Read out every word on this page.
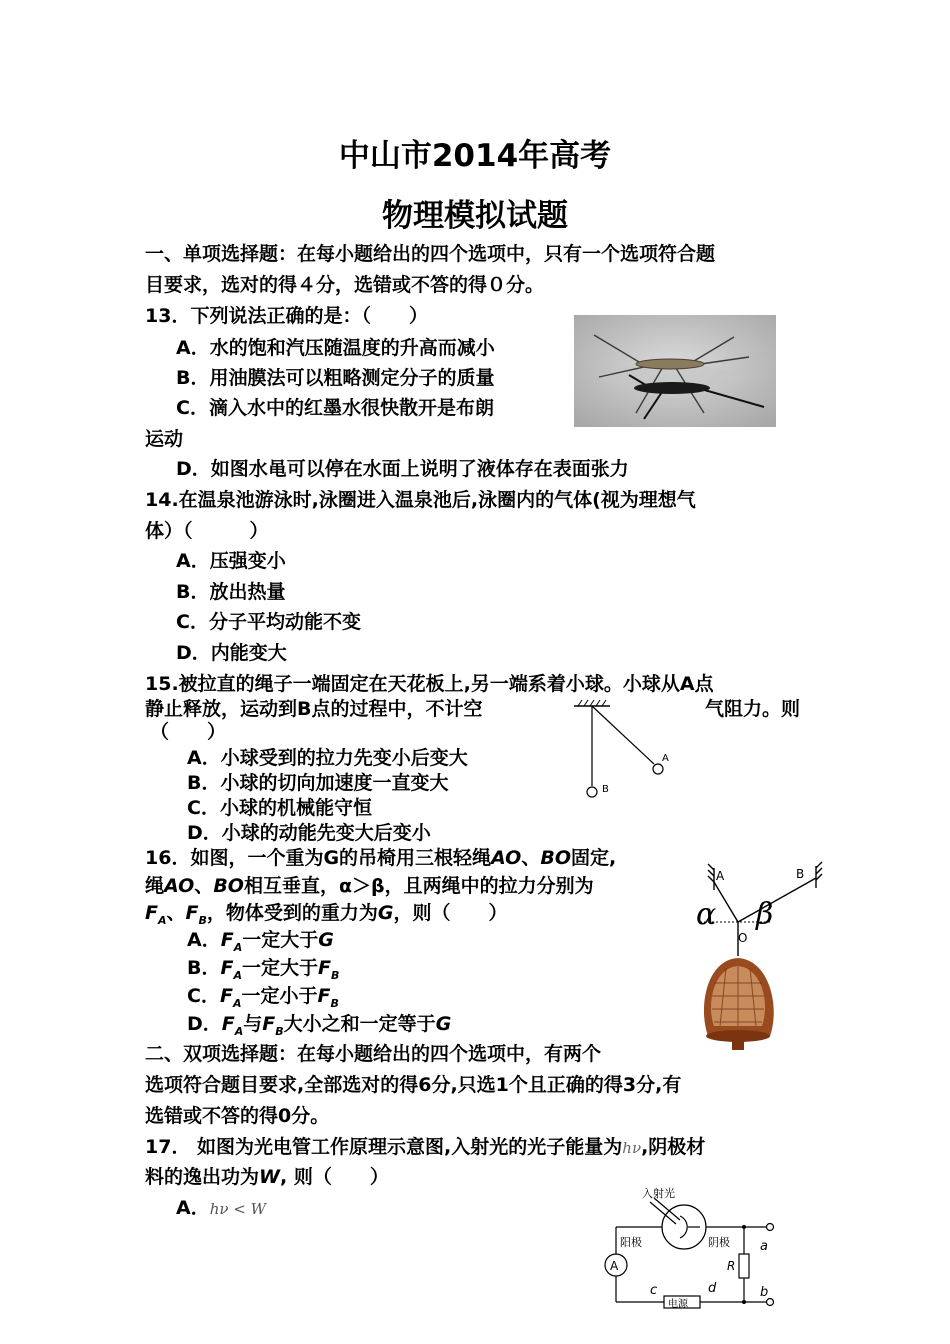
中山市2014年高考
物理模拟试题
一、单项选择题：在每小题给出的四个选项中，只有一个选项符合题
目要求，选对的得４分，选错或不答的得０分。
13．下列说法正确的是：（　　）
A．水的饱和汽压随温度的升高而减小
B．用油膜法可以粗略测定分子的质量
C．滴入水中的红墨水很快散开是布朗
运动
D．如图水黾可以停在水面上说明了液体存在表面张力
14.在温泉池游泳时,泳圈进入温泉池后,泳圈内的气体(视为理想气
体）（　　　）
A．压强变小
B．放出热量
C．分子平均动能不变
D．内能变大
15.被拉直的绳子一端固定在天花板上,另一端系着小球。小球从A点
静止释放，运动到B点的过程中，不计空	气阻力。则
（　　）
A．小球受到的拉力先变小后变大
B．小球的切向加速度一直变大
C．小球的机械能守恒
D．小球的动能先变大后变小
A
B
16．如图，一个重为G的吊椅用三根轻绳AO、BO固定,
绳AO、BO相互垂直，α＞β，且两绳中的拉力分别为
$F_A$、$F_B$，物体受到的重力为G，则（　　）
A．$F_A$一定大于G
B．$F_A$一定大于$F_B$
C．$F_A$一定小于$F_B$
D．$F_A$与$F_B$大小之和一定等于G
A	B
O
α β
二、双项选择题：在每小题给出的四个选项中，有两个
选项符合题目要求,全部选对的得6分,只选1个且正确的得3分,有
选错或不答的得0分。
17． 如图为光电管工作原理示意图,入射光的光子能量为hν,阴极材
料的逸出功为W, 则（　　）
A．hν < W
入射光
阳极	阴极 a
b
c	d
R
电源
A
